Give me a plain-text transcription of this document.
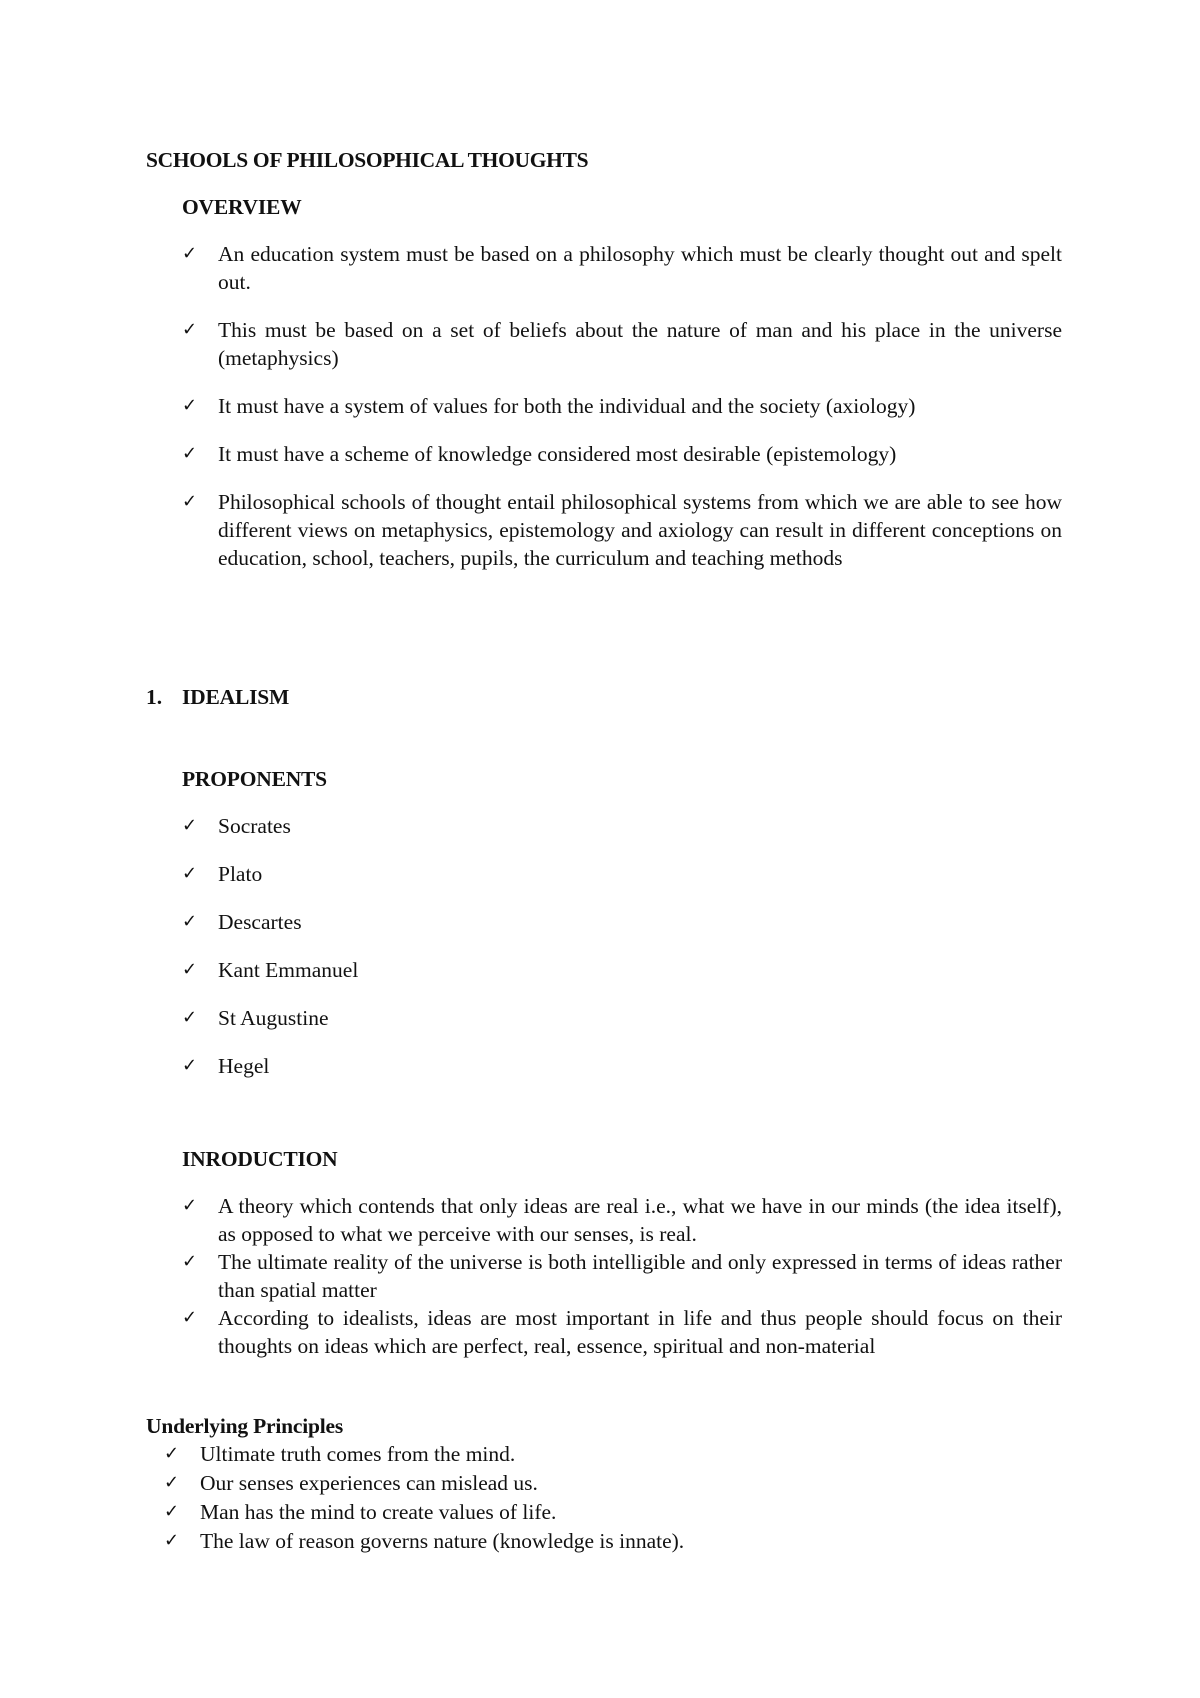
SCHOOLS OF PHILOSOPHICAL THOUGHTS
OVERVIEW
✓ An education system must be based on a philosophy which must be clearly thought out and spelt out.
✓ This must be based on a set of beliefs about the nature of man and his place in the universe (metaphysics)
✓ It must have a system of values for both the individual and the society (axiology)
✓ It must have a scheme of knowledge considered most desirable (epistemology)
✓ Philosophical schools of thought entail philosophical systems from which we are able to see how different views on metaphysics, epistemology and axiology can result in different conceptions on education, school, teachers, pupils, the curriculum and teaching methods
1. IDEALISM
PROPONENTS
✓ Socrates
✓ Plato
✓ Descartes
✓ Kant Emmanuel
✓ St Augustine
✓ Hegel
INRODUCTION
✓ A theory which contends that only ideas are real i.e., what we have in our minds (the idea itself), as opposed to what we perceive with our senses, is real.
✓ The ultimate reality of the universe is both intelligible and only expressed in terms of ideas rather than spatial matter
✓ According to idealists, ideas are most important in life and thus people should focus on their thoughts on ideas which are perfect, real, essence, spiritual and non-material
Underlying Principles
✓ Ultimate truth comes from the mind.
✓ Our senses experiences can mislead us.
✓ Man has the mind to create values of life.
✓ The law of reason governs nature (knowledge is innate).
